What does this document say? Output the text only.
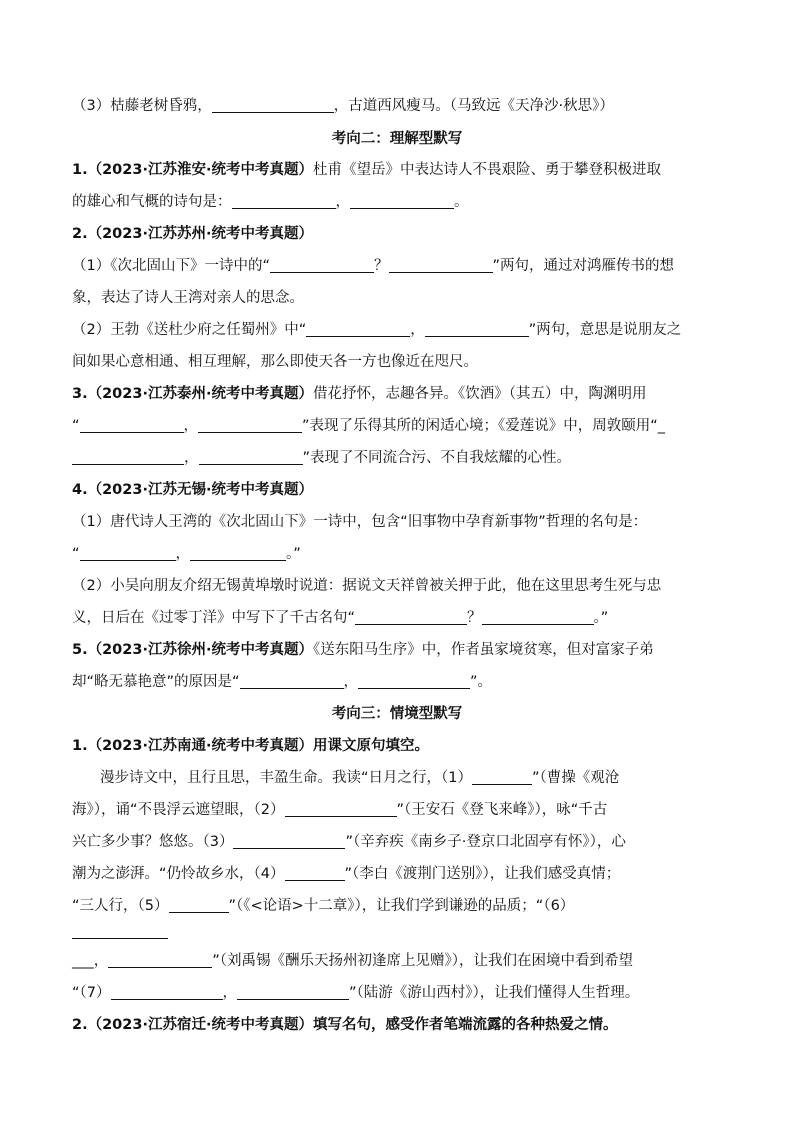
（3）枯藤老树昏鸦，	，古道西风瘦马。（马致远《天净沙·秋思》）
考向二：理解型默写
1.（2023·江苏淮安·统考中考真题）杜甫《望岳》中表达诗人不畏艰险、勇于攀登积极进取
的雄心和气概的诗句是：	，	。
2.（2023·江苏苏州·统考中考真题）
（1）《次北固山下》一诗中的“	？	”两句，通过对鸿雁传书的想
象，表达了诗人王湾对亲人的思念。
（2）王勃《送杜少府之任蜀州》中“	，	”两句，意思是说朋友之
间如果心意相通、相互理解，那么即使天各一方也像近在咫尺。
3.（2023·江苏泰州·统考中考真题）借花抒怀，志趣各异。《饮酒》（其五）中，陶渊明用
“	，	”表现了乐得其所的闲适心境；《爱莲说》中，周敦颐用“_
，	”表现了不同流合污、不自我炫耀的心性。
4.（2023·江苏无锡·统考中考真题）
（1）唐代诗人王湾的《次北固山下》一诗中，包含“旧事物中孕育新事物”哲理的名句是：
“	，	。”
（2）小吴向朋友介绍无锡黄埠墩时说道：据说文天祥曾被关押于此，他在这里思考生死与忠
义，日后在《过零丁洋》中写下了千古名句“	？	。”
5.（2023·江苏徐州·统考中考真题）《送东阳马生序》中，作者虽家境贫寒，但对富家子弟
却“略无慕艳意”的原因是“	，	”。
考向三：情境型默写
1.（2023·江苏南通·统考中考真题）用课文原句填空。
漫步诗文中，且行且思，丰盈生命。我读“日月之行，（1）	”（曹操《观沧
海》），诵“不畏浮云遮望眼，（2）	”（王安石《登飞来峰》），咏“千古
兴亡多少事？悠悠。（3）	”（辛弃疾《南乡子·登京口北固亭有怀》），心
潮为之澎湃。“仍怜故乡水，（4）	”（李白《渡荆门送别》），让我们感受真情；
“三人行，（5）	”（《<论语>十二章》），让我们学到谦逊的品质；“（6）
___，	”（刘禹锡《酬乐天扬州初逢席上见赠》），让我们在困境中看到希望
“（7）	，	”（陆游《游山西村》），让我们懂得人生哲理。
2.（2023·江苏宿迁·统考中考真题）填写名句，感受作者笔端流露的各种热爱之情。
